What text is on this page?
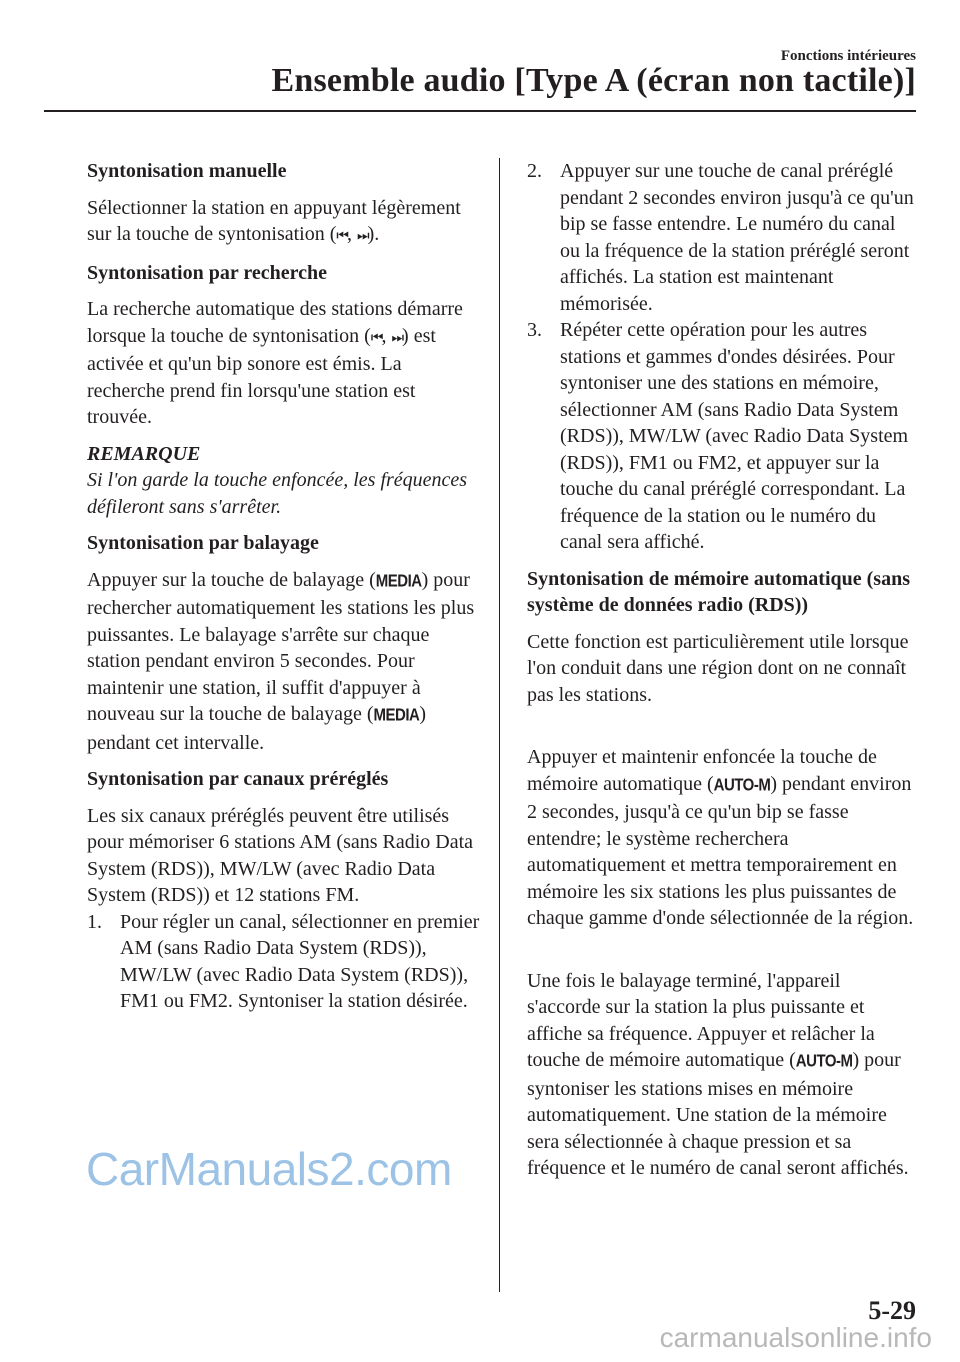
Fonctions intérieures
Ensemble audio [Type A (écran non tactile)]
Syntonisation manuelle

Sélectionner la station en appuyant légèrement sur la touche de syntonisation (⏮, ⏭).

Syntonisation par recherche

La recherche automatique des stations démarre lorsque la touche de syntonisation (⏮, ⏭) est activée et qu'un bip sonore est émis. La recherche prend fin lorsqu'une station est trouvée.

REMARQUE
Si l'on garde la touche enfoncée, les fréquences défileront sans s'arrêter.
Syntonisation par balayage

Appuyer sur la touche de balayage (MEDIA) pour rechercher automatiquement les stations les plus puissantes. Le balayage s'arrête sur chaque station pendant environ 5 secondes. Pour maintenir une station, il suffit d'appuyer à nouveau sur la touche de balayage (MEDIA) pendant cet intervalle.

Syntonisation par canaux préréglés

Les six canaux préréglés peuvent être utilisés pour mémoriser 6 stations AM (sans Radio Data System (RDS)), MW/LW (avec Radio Data System (RDS)) et 12 stations FM.

1. Pour régler un canal, sélectionner en premier AM (sans Radio Data System (RDS)), MW/LW (avec Radio Data System (RDS)), FM1 ou FM2. Syntoniser la station désirée.
2. Appuyer sur une touche de canal préréglé pendant 2 secondes environ jusqu'à ce qu'un bip se fasse entendre. Le numéro du canal ou la fréquence de la station préréglé seront affichés. La station est maintenant mémorisée.
3. Répéter cette opération pour les autres stations et gammes d'ondes désirées. Pour syntoniser une des stations en mémoire, sélectionner AM (sans Radio Data System (RDS)), MW/LW (avec Radio Data System (RDS)), FM1 ou FM2, et appuyer sur la touche du canal préréglé correspondant. La fréquence de la station ou le numéro du canal sera affiché.
Syntonisation de mémoire automatique (sans système de données radio (RDS))

Cette fonction est particulièrement utile lorsque l'on conduit dans une région dont on ne connaît pas les stations.

Appuyer et maintenir enfoncée la touche de mémoire automatique (AUTO-M) pendant environ 2 secondes, jusqu'à ce qu'un bip se fasse entendre; le système recherchera automatiquement et mettra temporairement en mémoire les six stations les plus puissantes de chaque gamme d'onde sélectionnée de la région.

Une fois le balayage terminé, l'appareil s'accorde sur la station la plus puissante et affiche sa fréquence. Appuyer et relâcher la touche de mémoire automatique (AUTO-M) pour syntoniser les stations mises en mémoire automatiquement. Une station de la mémoire sera sélectionnée à chaque pression et sa fréquence et le numéro de canal seront affichés.

CarManuals2.com
5-29
carmanualsonline.info
